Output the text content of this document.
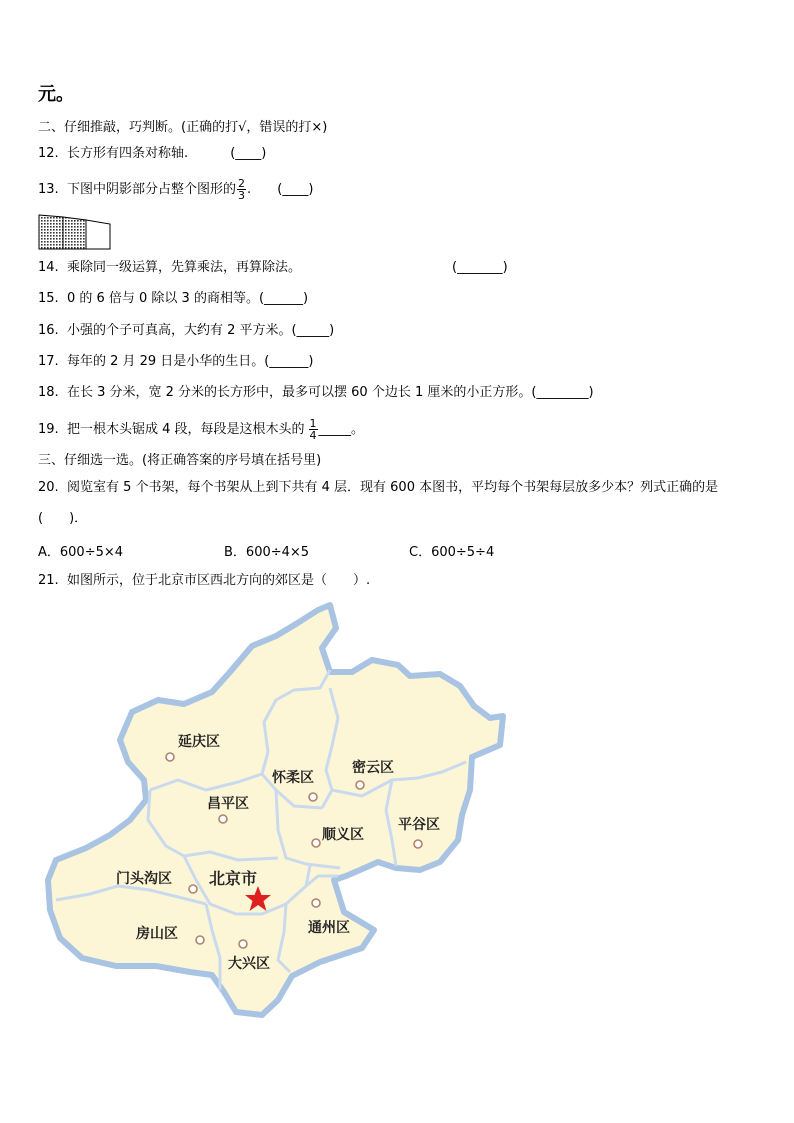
元。
二、仔细推敲，巧判断。(正确的打√，错误的打×)
12. 长方形有四条对称轴.	(____)
13. 下图中阴影部分占整个图形的 $\frac{2}{3}$ . (____)
14. 乘除同一级运算，先算乘法，再算除法。	(_______)
15. 0 的 6 倍与 0 除以 3 的商相等。(______)
16. 小强的个子可真高，大约有 2 平方米。(_____)
17. 每年的 2 月 29 日是小华的生日。(______)
18. 在长 3 分米，宽 2 分米的长方形中，最多可以摆 60 个边长 1 厘米的小正方形。(________)
19. 把一根木头锯成 4 段，每段是这根木头的 $\frac{1}{4}$ _____。
三、仔细选一选。(将正确答案的序号填在括号里)
20. 阅览室有 5 个书架，每个书架从上到下共有 4 层．现有 600 本图书，平均每个书架每层放多少本？列式正确的是
(　　)．
A．600÷5×4	B．600÷4×5	C．600÷5÷4
21. 如图所示，位于北京市区西北方向的郊区是（　　）.
延庆区
怀柔区
密云区
昌平区
平谷区
顺义区
门头沟区 北京市
房山区	通州区
大兴区
